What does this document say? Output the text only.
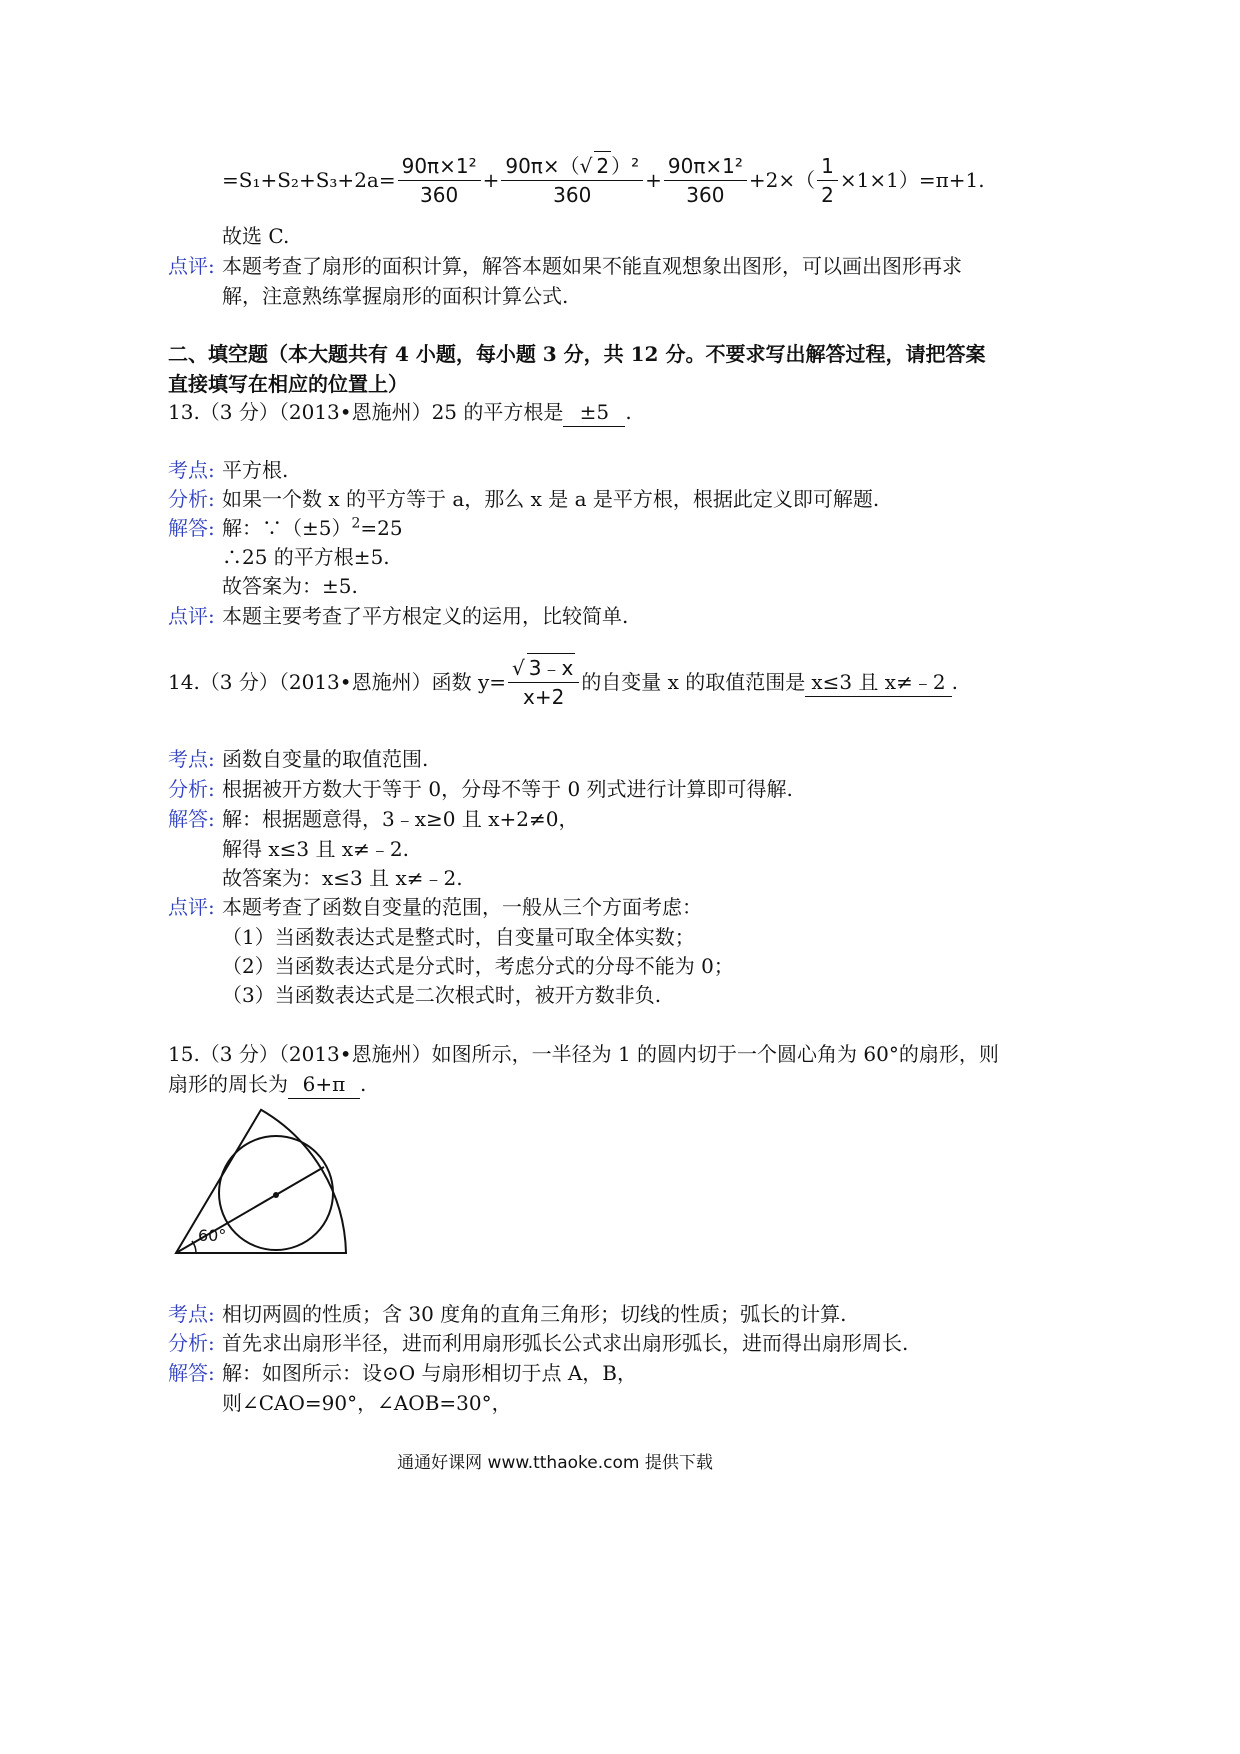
$=S_1+S_2+S_3+2a= \frac{\text{90π×1²}}{360} + \frac{\text{90π×（√ 2 ）²}}{360} + \frac{\text{90π×1²}}{360} +2\times( \frac{1}{2} \times 1\times 1)=\pi+1$.
故选 C.
点评: 本题考查了扇形的面积计算，解答本题如果不能直观想象出图形，可以画出图形再求
解，注意熟练掌握扇形的面积计算公式.
二、填空题（本大题共有 4 小题，每小题 3 分，共 12 分。不要求写出解答过程，请把答案
直接填写在相应的位置上）
13.（3 分）（2013•恩施州）25 的平方根是 ±5 .
考点: 平方根.
分析: 如果一个数 x 的平方等于 a，那么 x 是 a 是平方根，根据此定义即可解题.
解答: 解：$\because(\pm 5)^2=25$
∴25 的平方根±5.
故答案为：±5.
点评: 本题主要考查了平方根定义的运用，比较简单.
14.（3 分）（2013•恩施州）函数 $y= \frac{√ 3﹣x}{x+2}$ 的自变量 x 的取值范围是 x≤3 且 x≠﹣2 .
考点: 函数自变量的取值范围.
分析: 根据被开方数大于等于 0，分母不等于 0 列式进行计算即可得解.
解答: 解：根据题意得，3﹣x≥0 且 x+2≠0，
解得 x≤3 且 x≠﹣2.
故答案为：x≤3 且 x≠﹣2.
点评: 本题考查了函数自变量的范围，一般从三个方面考虑：
（1）当函数表达式是整式时，自变量可取全体实数；
（2）当函数表达式是分式时，考虑分式的分母不能为 0；
（3）当函数表达式是二次根式时，被开方数非负.
15.（3 分）（2013•恩施州）如图所示，一半径为 1 的圆内切于一个圆心角为 60°的扇形，则
扇形的周长为 6+π .
60°
考点: 相切两圆的性质；含 30 度角的直角三角形；切线的性质；弧长的计算.
分析: 首先求出扇形半径，进而利用扇形弧长公式求出扇形弧长，进而得出扇形周长.
解答: 解：如图所示：设⊙O 与扇形相切于点 A，B，
则∠CAO=90°，∠AOB=30°，
通通好课网 www.tthaoke.com 提供下载
